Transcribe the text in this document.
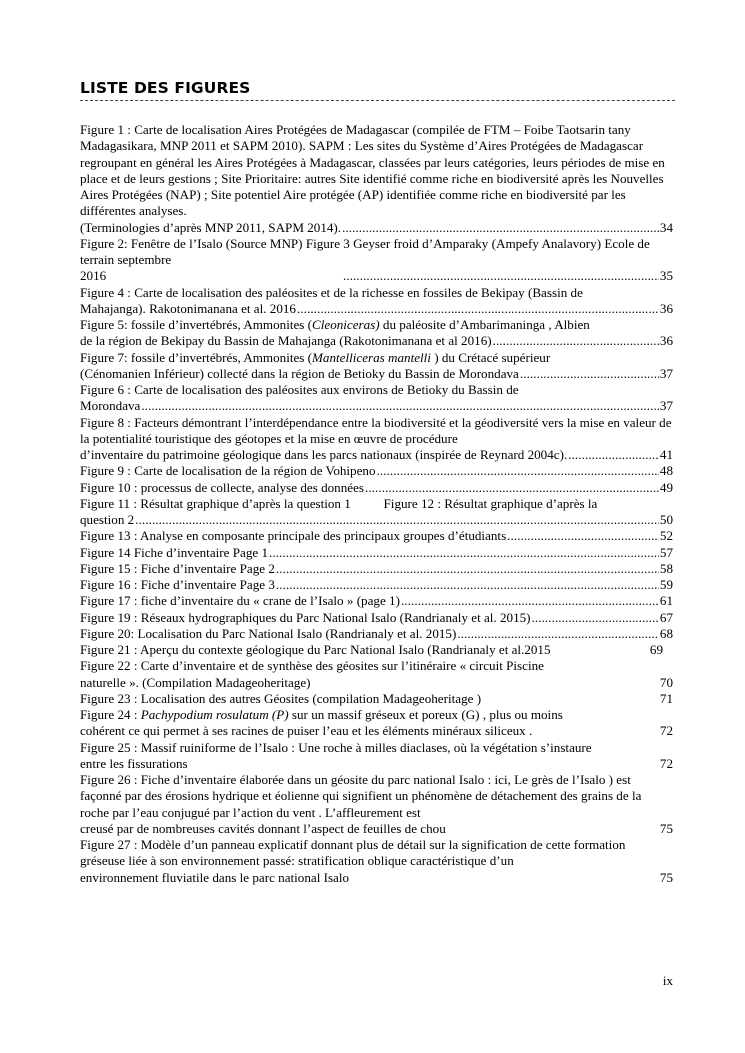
LISTE DES FIGURES
Figure 1 : Carte de localisation Aires Protégées de Madagascar (compilée de FTM – Foibe Taotsarin tany Madagasikara, MNP 2011 et SAPM 2010). SAPM : Les sites du Système d’Aires Protégées de Madagascar regroupant en général les Aires Protégées à Madagascar, classées par leurs catégories, leurs périodes de mise en place et de leurs gestions ; Site Prioritaire: autres Site identifié comme riche en biodiversité après les Nouvelles Aires Protégées (NAP) ; Site potentiel Aire protégée (AP) identifiée comme riche en biodiversité par les différentes analyses.
(Terminologies d’après MNP 2011, SAPM 2014). . . .	34
Figure 2: Fenêtre de l’Isalo (Source MNP) Figure 3 Geyser froid d’Amparaky (Ampefy Analavory) Ecole de terrain septembre
2016 . . .	35
Figure 4 : Carte de localisation des paléosites et de la richesse en fossiles de Bekipay (Bassin de
Mahajanga). Rakotonimanana et al. 2016 . . .	36
Figure 5: fossile d’invertébrés, Ammonites (Cleoniceras) du paléosite d’Ambarimaninga , Albien
de la région de Bekipay du Bassin de Mahajanga (Rakotonimanana et al 2016) . . .	36
Figure 7: fossile d’invertébrés, Ammonites (Mantelliceras mantelli ) du Crétacé supérieur
(Cénomanien Inférieur) collecté dans la région de Betioky du Bassin de Morondava . . .	37
Figure 6 : Carte de localisation des paléosites aux environs de Betioky du Bassin de
Morondava . . .	37
Figure 8 : Facteurs démontrant l’interdépendance entre la biodiversité et la géodiversité vers la mise en valeur de la potentialité touristique des géotopes et la mise en œuvre de procédure
d’inventaire du patrimoine géologique dans les parcs nationaux (inspirée de Reynard 2004c). . . .	41
Figure 9 : Carte de localisation de la région de Vohipeno . . .	48
Figure 10 : processus de collecte, analyse des données . . .	49
Figure 11 : Résultat graphique d’après la question 1          Figure 12 : Résultat graphique d’après la
question 2 . . .	50
Figure 13 : Analyse en composante principale des principaux groupes d’étudiants . . .	52
Figure 14 Fiche d’inventaire Page 1 . . .	57
Figure 15 : Fiche d’inventaire Page 2 . . .	58
Figure 16 : Fiche d’inventaire Page 3 . . .	59
Figure 17 : fiche d’inventaire du « crane de l’Isalo » (page 1) . . .	61
Figure 19 : Réseaux hydrographiques du Parc National Isalo (Randrianaly et al. 2015) . . .	67
Figure 20: Localisation du Parc National Isalo (Randrianaly et al. 2015) . . .	68
Figure 21 : Aperçu du contexte géologique du Parc National Isalo (Randrianaly et al.2015	69
Figure 22 : Carte d’inventaire et de synthèse des géosites sur l’itinéraire « circuit Piscine
naturelle ». (Compilation Madageoheritage)	70
Figure 23 : Localisation des autres Géosites (compilation Madageoheritage )	71
Figure 24 : Pachypodium rosulatum (P) sur un massif gréseux et poreux (G) , plus ou moins
cohérent ce qui permet à ses racines de puiser l’eau et les éléments minéraux siliceux .	72
Figure 25 : Massif ruiniforme de l’Isalo : Une roche à milles diaclases, où la végétation s’instaure
entre les fissurations	72
Figure 26 : Fiche d’inventaire élaborée dans un géosite du parc national Isalo : ici, Le grès de l’Isalo ) est façonné par des érosions hydrique et éolienne qui signifient un phénomène de détachement des grains de la roche par l’eau conjugué par l’action du vent . L’affleurement est
creusé par de nombreuses cavités donnant l’aspect de feuilles de chou	75
Figure 27 : Modèle d’un panneau explicatif donnant plus de détail sur la signification de cette formation gréseuse liée à son environnement passé: stratification oblique caractéristique d’un
environnement fluviatile dans le parc national Isalo	75
ix
